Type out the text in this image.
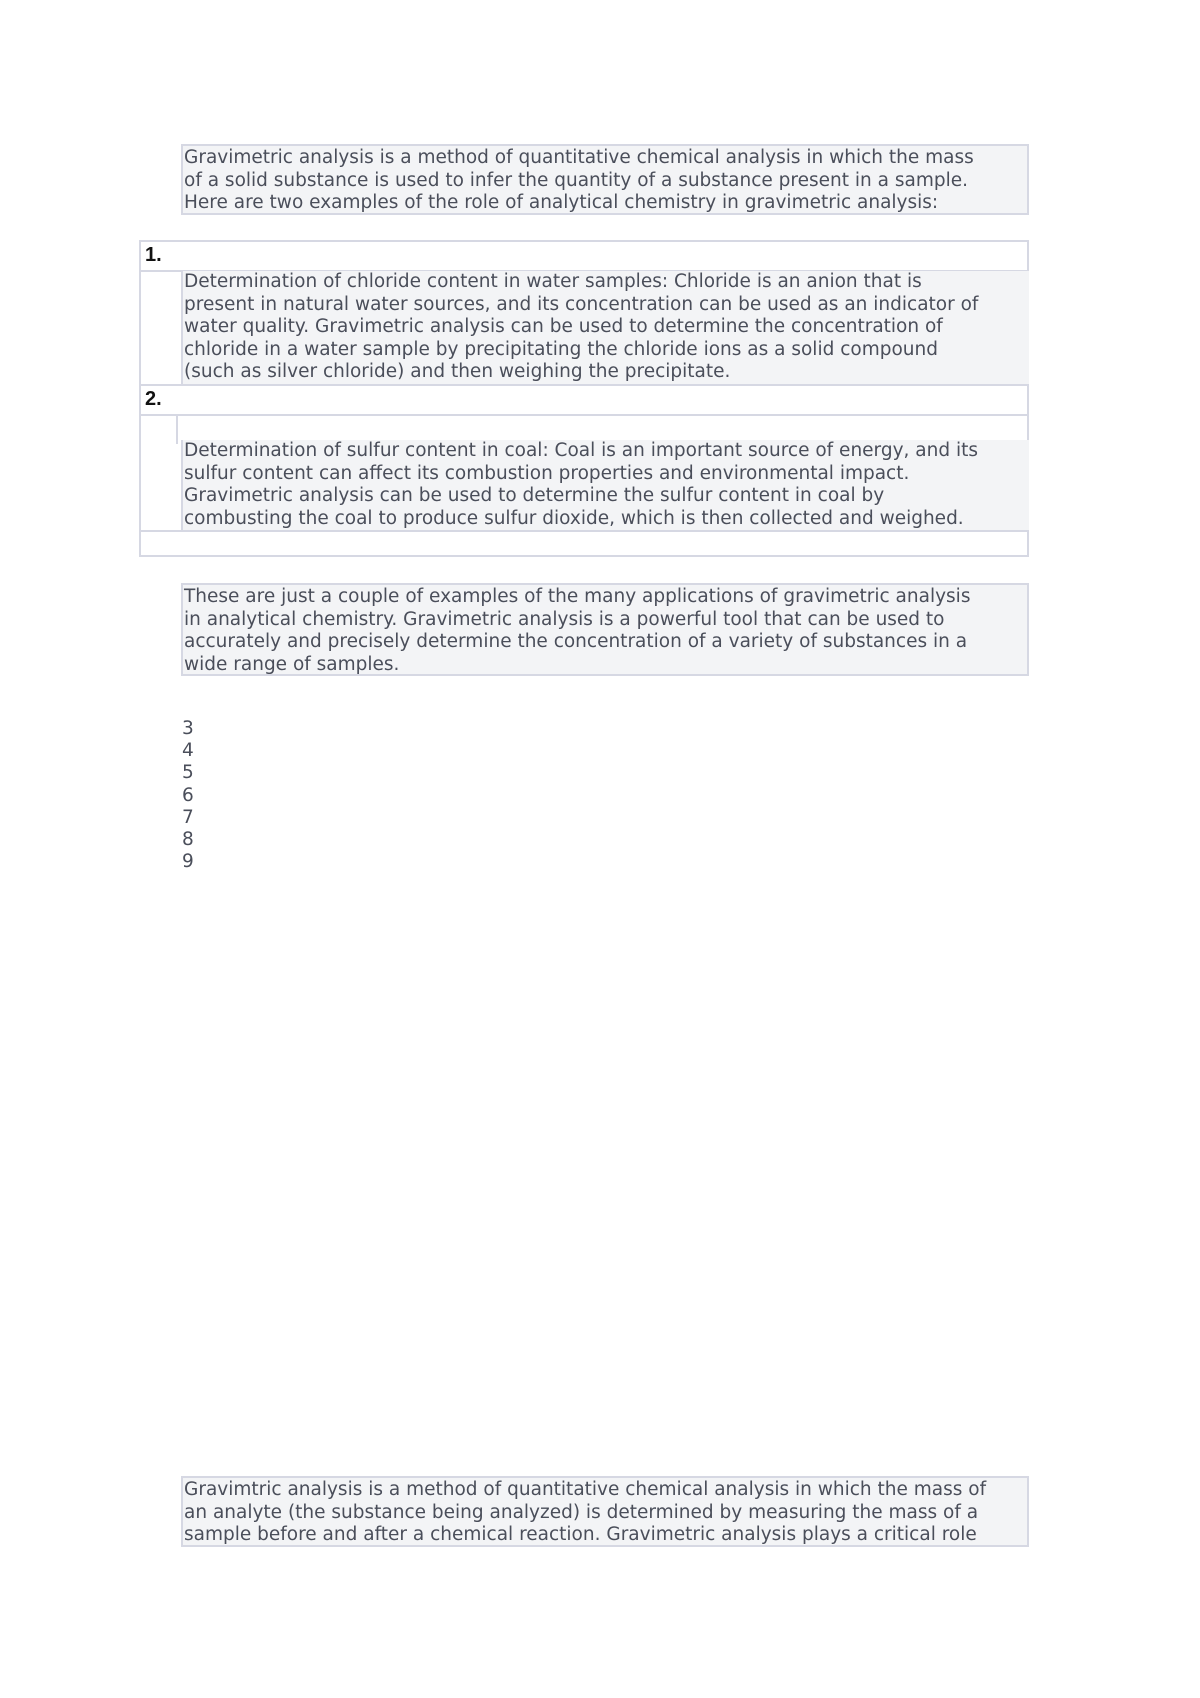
Gravimetric analysis is a method of quantitative chemical analysis in which the mass
of a solid substance is used to infer the quantity of a substance present in a sample.
Here are two examples of the role of analytical chemistry in gravimetric analysis:
1.
Determination of chloride content in water samples: Chloride is an anion that is
present in natural water sources, and its concentration can be used as an indicator of
water quality. Gravimetric analysis can be used to determine the concentration of
chloride in a water sample by precipitating the chloride ions as a solid compound
(such as silver chloride) and then weighing the precipitate.
2.
Determination of sulfur content in coal: Coal is an important source of energy, and its
sulfur content can affect its combustion properties and environmental impact.
Gravimetric analysis can be used to determine the sulfur content in coal by
combusting the coal to produce sulfur dioxide, which is then collected and weighed.
These are just a couple of examples of the many applications of gravimetric analysis
in analytical chemistry. Gravimetric analysis is a powerful tool that can be used to
accurately and precisely determine the concentration of a variety of substances in a
wide range of samples.
3
4
5
6
7
8
9
Gravimtric analysis is a method of quantitative chemical analysis in which the mass of
an analyte (the substance being analyzed) is determined by measuring the mass of a
sample before and after a chemical reaction. Gravimetric analysis plays a critical role
